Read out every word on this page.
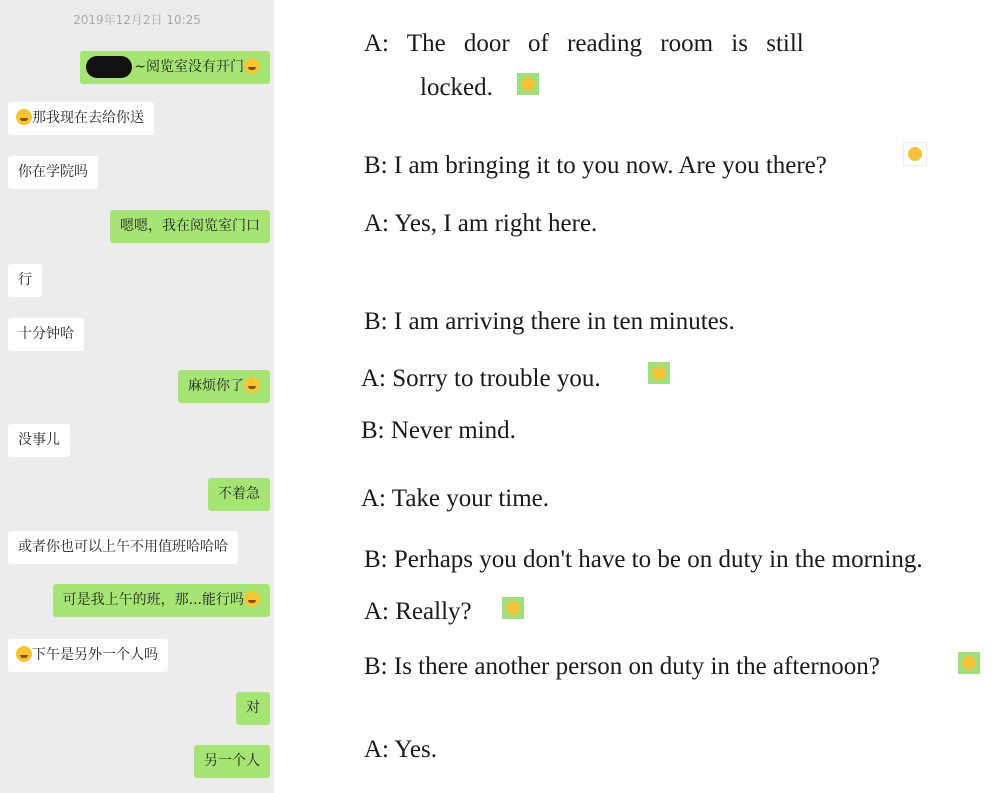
2019年12月2日 10:25
~阅览室没有开门
那我现在去给你送
你在学院吗
嗯嗯，我在阅览室门口
行
十分钟哈
麻烦你了
没事儿
不着急
或者你也可以上午不用值班哈哈哈
可是我上午的班，那...能行吗
下午是另外一个人吗
对
另一个人
A: The door of reading room is still
locked.
B: I am bringing it to you now. Are you there?
A: Yes, I am right here.
B: I am arriving there in ten minutes.
A: Sorry to trouble you.
B: Never mind.
A: Take your time.
B: Perhaps you don't have to be on duty in the morning.
A: Really?
B: Is there another person on duty in the afternoon?
A: Yes.
